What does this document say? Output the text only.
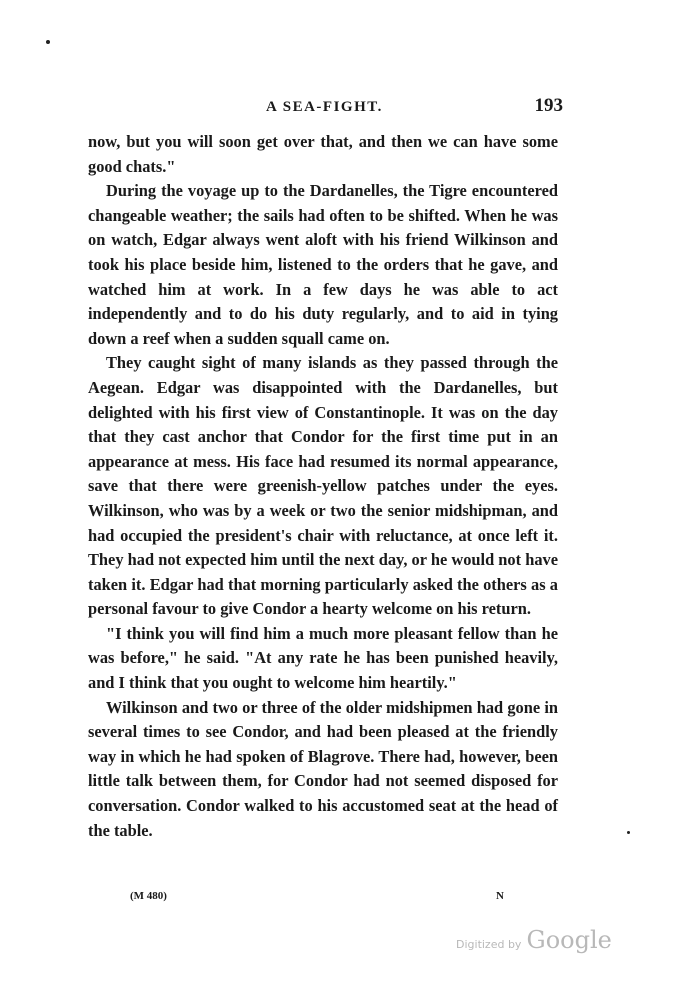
A SEA-FIGHT.	193

now, but you will soon get over that, and then we can have some good chats."

During the voyage up to the Dardanelles, the Tigre encountered changeable weather; the sails had often to be shifted. When he was on watch, Edgar always went aloft with his friend Wilkinson and took his place beside him, listened to the orders that he gave, and watched him at work. In a few days he was able to act independently and to do his duty regularly, and to aid in tying down a reef when a sudden squall came on.

They caught sight of many islands as they passed through the Aegean. Edgar was disappointed with the Dardanelles, but delighted with his first view of Constantinople. It was on the day that they cast anchor that Condor for the first time put in an appearance at mess. His face had resumed its normal appearance, save that there were greenish-yellow patches under the eyes. Wilkinson, who was by a week or two the senior midshipman, and had occupied the president's chair with reluctance, at once left it. They had not expected him until the next day, or he would not have taken it. Edgar had that morning particularly asked the others as a personal favour to give Condor a hearty welcome on his return.

"I think you will find him a much more pleasant fellow than he was before," he said. "At any rate he has been punished heavily, and I think that you ought to welcome him heartily."

Wilkinson and two or three of the older midshipmen had gone in several times to see Condor, and had been pleased at the friendly way in which he had spoken of Blagrove. There had, however, been little talk between them, for Condor had not seemed disposed for conversation. Condor walked to his accustomed seat at the head of the table.

(M 480)	N
Digitized by Google
